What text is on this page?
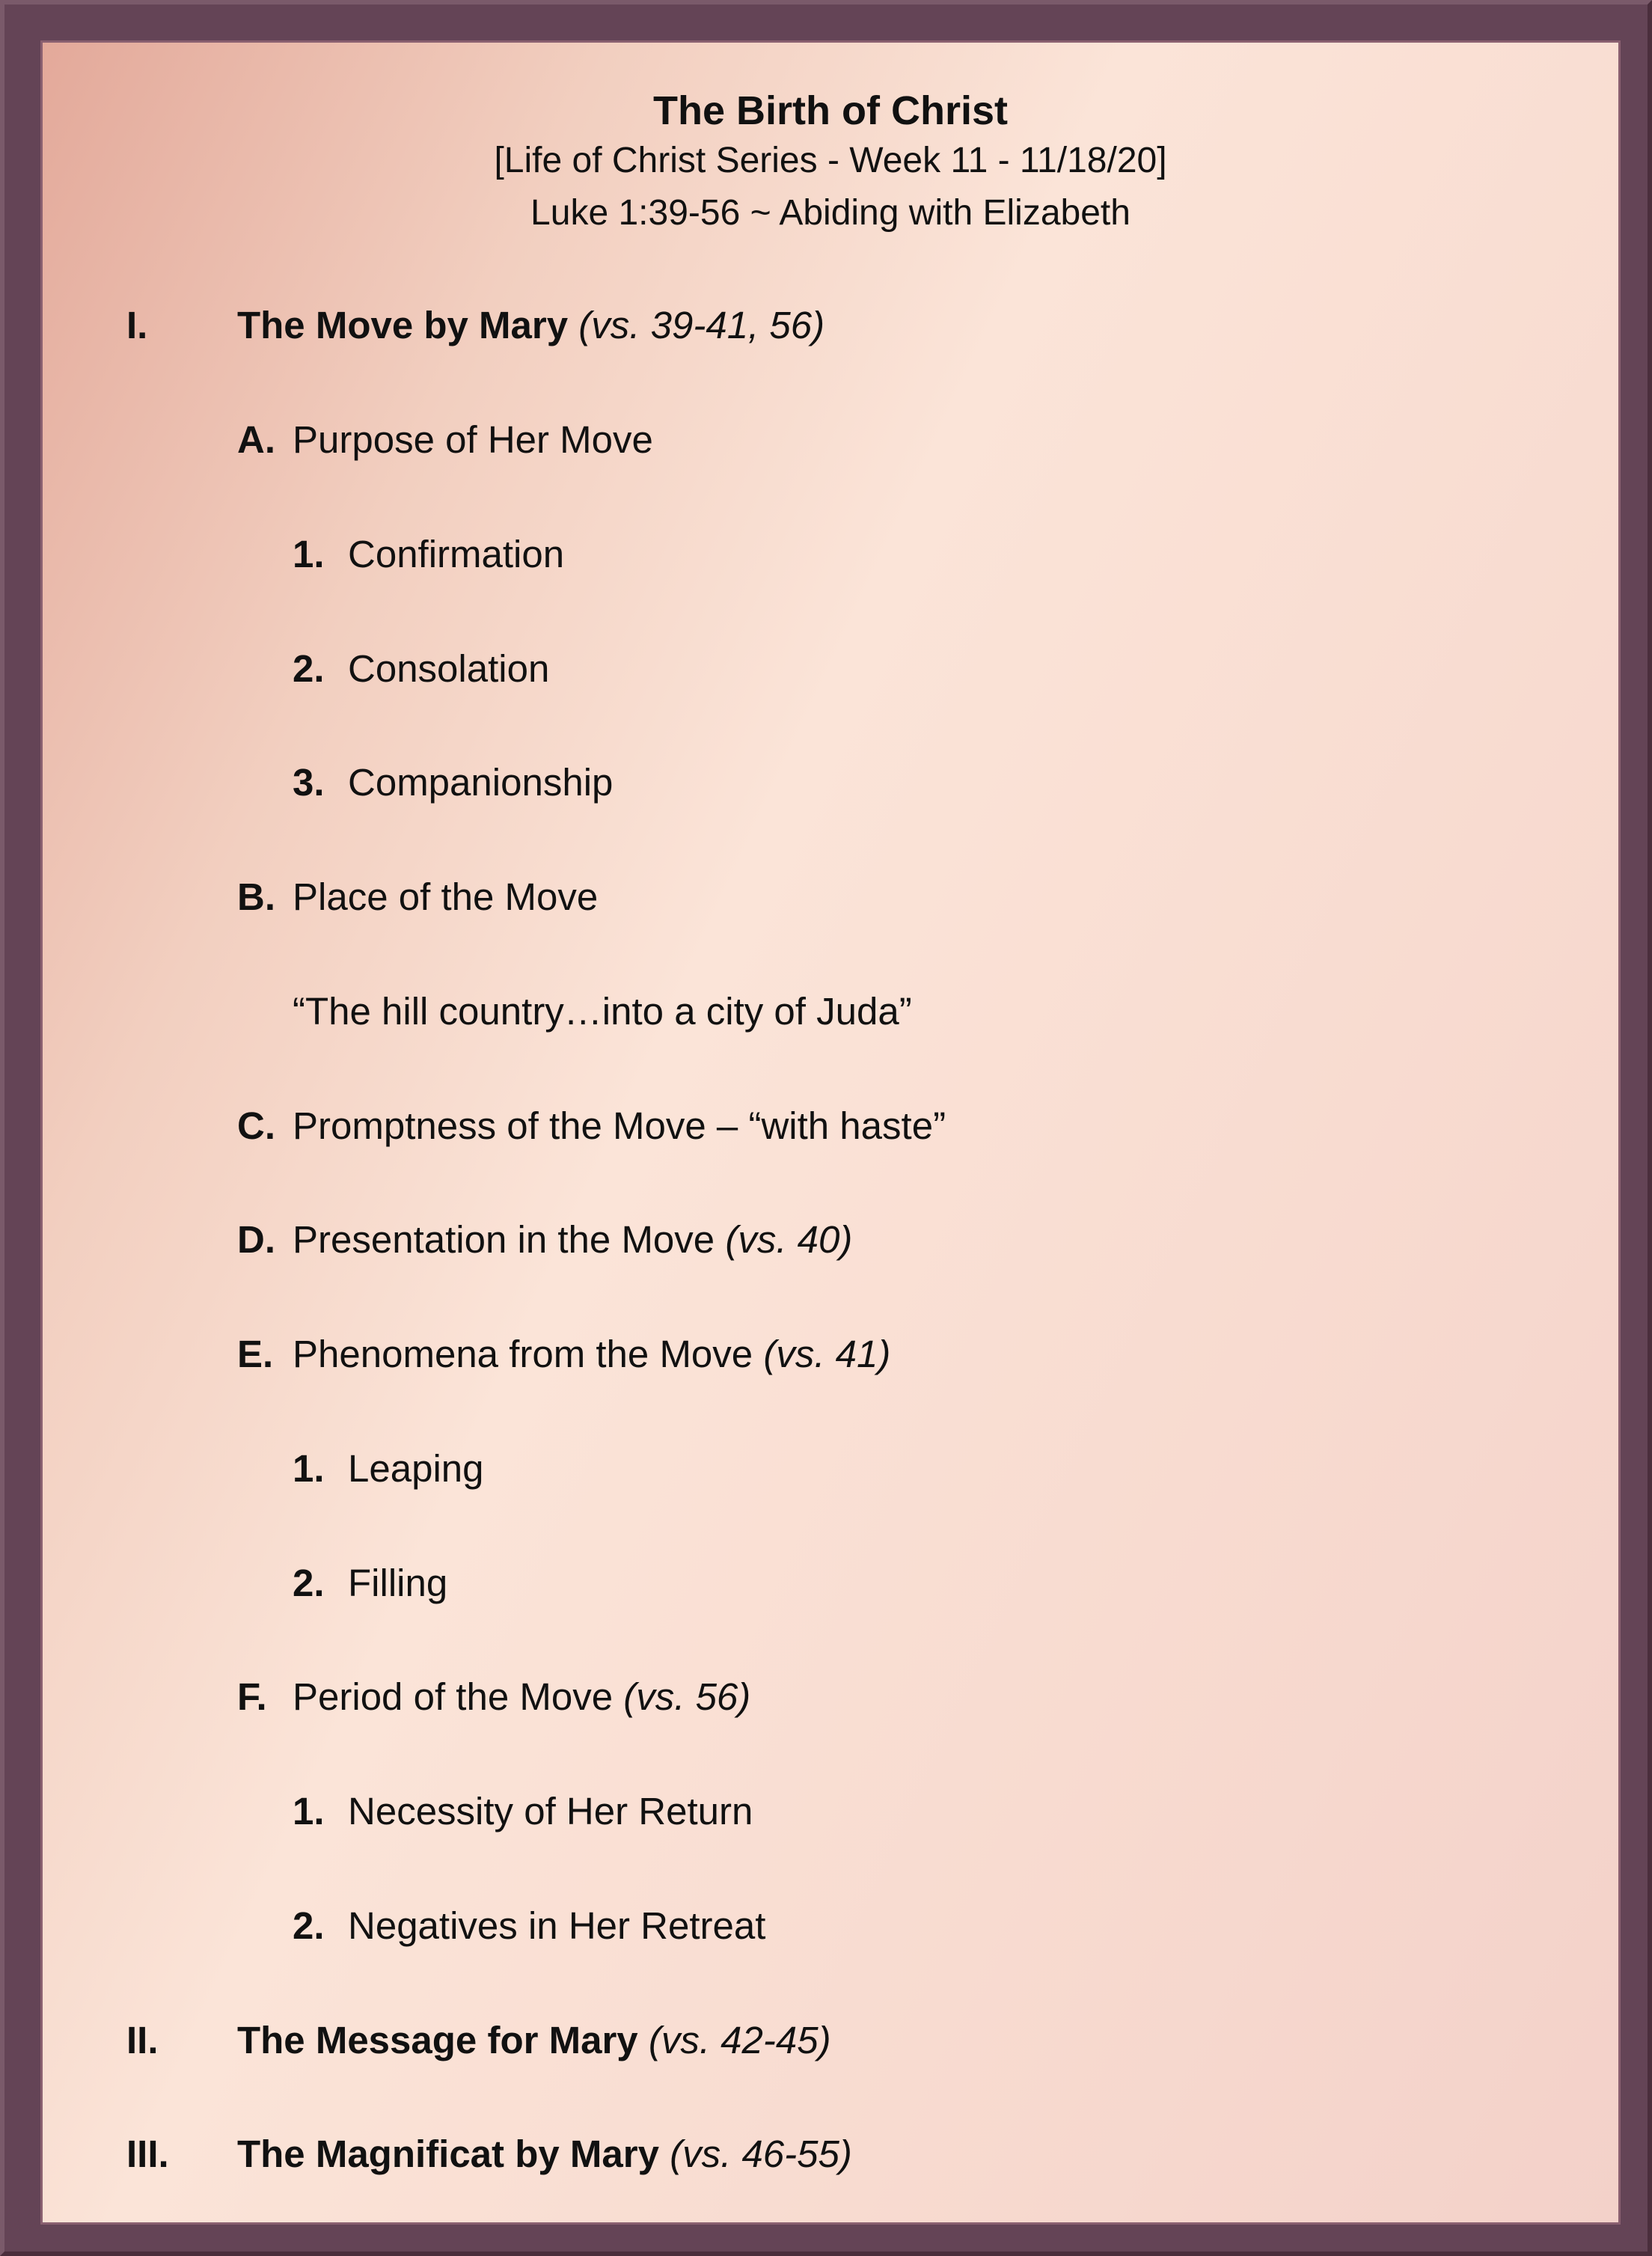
The Birth of Christ
[Life of Christ Series - Week 11 - 11/18/20]
Luke 1:39-56 ~ Abiding with Elizabeth
I. The Move by Mary (vs. 39-41, 56)
A. Purpose of Her Move
1. Confirmation
2. Consolation
3. Companionship
B. Place of the Move
“The hill country…into a city of Juda”
C. Promptness of the Move – “with haste”
D. Presentation in the Move (vs. 40)
E. Phenomena from the Move (vs. 41)
1. Leaping
2. Filling
F. Period of the Move (vs. 56)
1. Necessity of Her Return
2. Negatives in Her Retreat
II. The Message for Mary (vs. 42-45)
III. The Magnificat by Mary (vs. 46-55)
